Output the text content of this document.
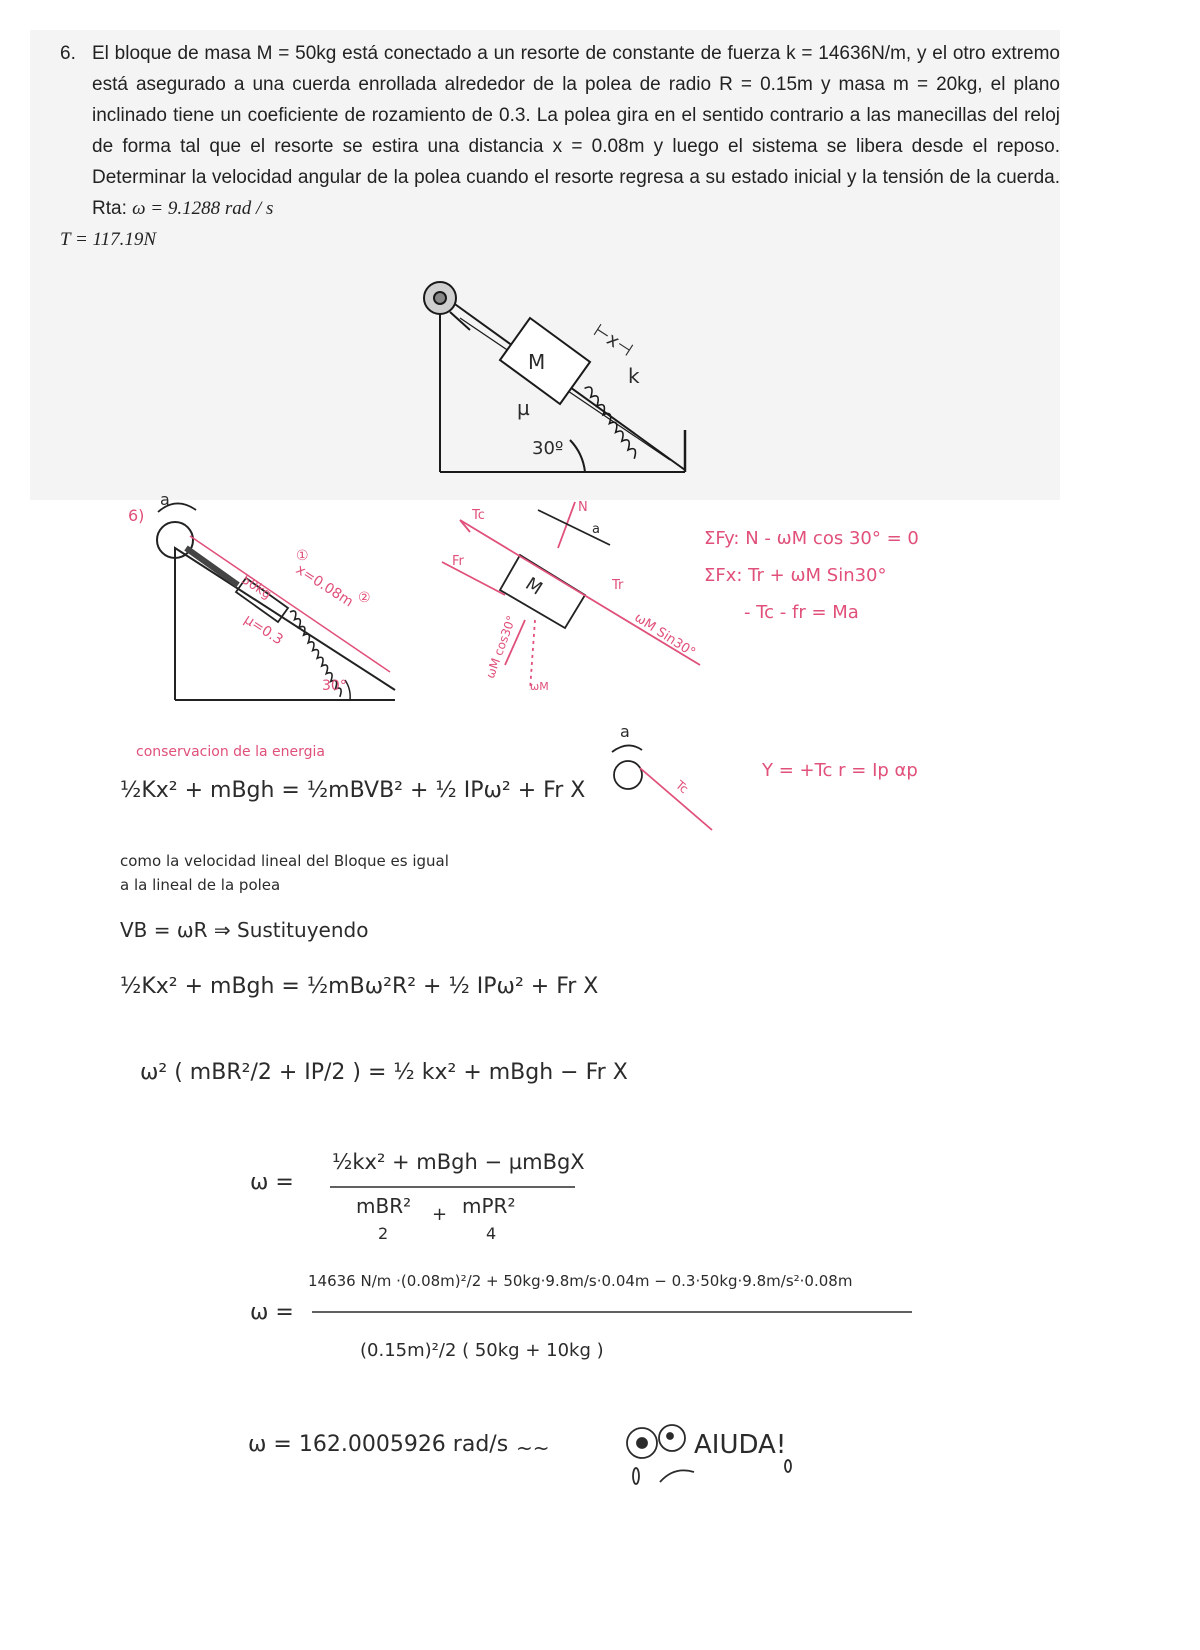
6. El bloque de masa M = 50kg está conectado a un resorte de constante de fuerza k = 14636N/m, y el otro extremo está asegurado a una cuerda enrollada alrededor de la polea de radio R = 0.15m y masa m = 20kg, el plano inclinado tiene un coeficiente de rozamiento de 0.3. La polea gira en el sentido contrario a las manecillas del reloj de forma tal que el resorte se estira una distancia x = 0.08m y luego el sistema se libera desde el reposo. Determinar la velocidad angular de la polea cuando el resorte regresa a su estado inicial y la tensión de la cuerda. Rta: ω = 9.1288 rad / s
T = 117.19N
M
µ
30º
⊢x⊣
k
6)
a
50kg
µ=0.3
x=0.08m
①
②
30°
M
Tc
Fr
N
a
Tr
ωM Sin30°
ωM cos30°
ωM
ΣFy: N - ωM cos 30° = 0
ΣFx: Tr + ωM Sin30°
- Tc - fr = Ma
a
Tc
Υ = +Tc r = Ip αp
conservacion de la energia
½Kx² + mBgh = ½mBVB² + ½ IPω² + Fr X
como la velocidad lineal del Bloque es igual
a la lineal de la polea
VB = ωR ⇒ Sustituyendo
½Kx² + mBgh = ½mBω²R² + ½ IPω² + Fr X
ω² ( mBR²/2 + IP/2 ) = ½ kx² + mBgh − Fr X
ω =
½kx² + mBgh − µmBgX
mBR²
2
+ mPR²
4
ω =
14636 N/m ·(0.08m)²/2 + 50kg·9.8m/s·0.04m − 0.3·50kg·9.8m/s²·0.08m
(0.15m)²/2 ( 50kg + 10kg )
ω = 162.0005926 rad/s ~~	AIUDA!
